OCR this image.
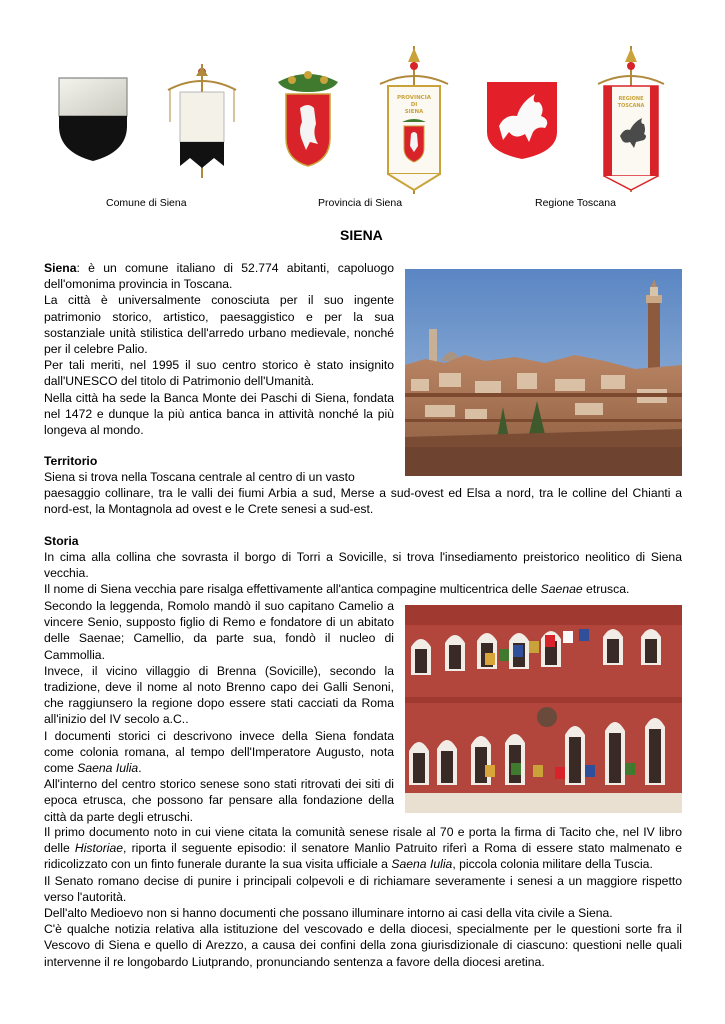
PROVINCIA
DI
SIENA
REGIONE
TOSCANA
Comune di Siena	Provincia di Siena	Regione Toscana
SIENA

Siena: è un comune italiano di 52.774 abitanti, capoluogo dell'omonima provincia in Toscana.

La città è universalmente conosciuta per il suo ingente patrimonio storico, artistico, paesaggistico e per la sua sostanziale unità stilistica dell'arredo urbano medievale, nonché per il celebre Palio.

Per tali meriti, nel 1995 il suo centro storico è stato insignito dall'UNESCO del titolo di Patrimonio dell'Umanità.

Nella città ha sede la Banca Monte dei Paschi di Siena, fondata nel 1472 e dunque la più antica banca in attività nonché la più longeva al mondo.

Territorio
Siena si trova nella Toscana centrale al centro di un vasto
paesaggio collinare, tra le valli dei fiumi Arbia a sud, Merse a sud-ovest ed Elsa a nord, tra le colline del Chianti a nord-est, la Montagnola ad ovest e le Crete senesi a sud-est.
Storia

In cima alla collina che sovrasta il borgo di Torri a Sovicille, si trova l'insediamento preistorico neolitico di Siena vecchia.

Il nome di Siena vecchia pare risalga effettivamente all'antica compagine multicentrica delle Saenae etrusca.

Secondo la leggenda, Romolo mandò il suo capitano Camelio a vincere Senio, supposto figlio di Remo e fondatore di un abitato delle Saenae; Camellio, da parte sua, fondò il nucleo di Cammollia.

Invece, il vicino villaggio di Brenna (Sovicille), secondo la tradizione, deve il nome al noto Brenno capo dei Galli Senoni, che raggiunsero la regione dopo essere stati cacciati da Roma all'inizio del IV secolo a.C..

I documenti storici ci descrivono invece della Siena fondata come colonia romana, al tempo dell'Imperatore Augusto, nota come Saena Iulia.

All'interno del centro storico senese sono stati ritrovati dei siti di epoca etrusca, che possono far pensare alla fondazione della città da parte degli etruschi.

Il primo documento noto in cui viene citata la comunità senese risale al 70 e porta la firma di Tacito che, nel IV libro delle Historiae, riporta il seguente episodio: il senatore Manlio Patruito riferì a Roma di essere stato malmenato e ridicolizzato con un finto funerale durante la sua visita ufficiale a Saena Iulia, piccola colonia militare della Tuscia.

Il Senato romano decise di punire i principali colpevoli e di richiamare severamente i senesi a un maggiore rispetto verso l'autorità.

Dell'alto Medioevo non si hanno documenti che possano illuminare intorno ai casi della vita civile a Siena.

C'è qualche notizia relativa alla istituzione del vescovado e della diocesi, specialmente per le questioni sorte fra il Vescovo di Siena e quello di Arezzo, a causa dei confini della zona giurisdizionale di ciascuno: questioni nelle quali intervenne il re longobardo Liutprando, pronunciando sentenza a favore della diocesi aretina.
